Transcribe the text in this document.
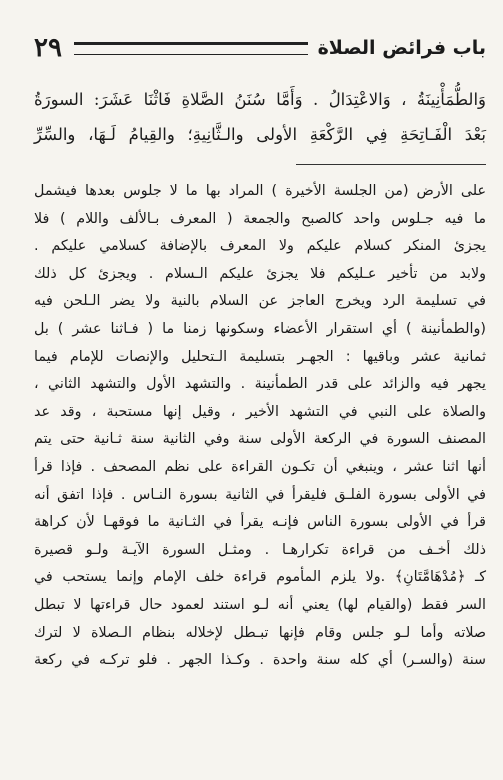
باب فرائض الصلاة
٢٩

وَالطُّمَأْنِينَةُ ، وَالاعْتِدَالُ . وَأَمَّا سُنَنُ الصَّلاةِ فَاثْنَا عَشَرَ: السورَةُ

بَعْدَ الْفَـاتِحَةِ فِي الرَّكْعَةِ الأولى والـثَّانِيةِ؛ والقِيامُ لَـهَا، والسِّرِّ

على الأرض (من الجلسة الأخيرة ) المراد بها ما لا جلوس بعدها فيشمل

ما فيه جـلوس واحد كالصبح والجمعة ( المعرف بـالألف واللام ) فلا

يجزئ المنكر كسلام عليكم ولا المعرف بالإضافة كسلامي عليكم .

ولابد من تأخير عـليكم فلا يجزئ عليكم الـسلام . ويجزئ كل ذلك

في تسليمة الرد ويخرج العاجز عن السلام بالنية ولا يضر الـلحن فيه

(والطمأنينة ) أي استقرار الأعضاء وسكونها زمنا ما ( فـاثنا عشر ) بل

ثمانية عشر وباقيها : الجهـر بتسليمة الـتحليل والإنصات للإمام فيما

يجهر فيه والزائد على قدر الطمأنينة . والتشهد الأول والتشهد الثاني ،

والصلاة على النبي في التشهد الأخير ، وقيل إنها مستحبة ، وقد عد

المصنف السورة في الركعة الأولى سنة وفي الثانية سنة ثـانية حتى يتم

أنها اثنا عشر ، وينبغي أن تكـون القراءة على نظم المصحف . فإذا قرأ

في الأولى بسورة الفلـق فليقرأ في الثانية بسورة النـاس . فإذا اتفق أنه

قرأ في الأولى بسورة الناس فإنـه يقرأ في الثـانية ما فوقهـا لأن كراهة

ذلك أخـف من قراءة تكرارهـا . ومثـل السورة الآيـة ولـو قصيرة

كـ ﴿مُدْهَامَّتَانِ﴾ .ولا يلزم المأموم قراءة خلف الإمام وإنما يستحب في

السر فقط (والقيام لها) يعني أنه لـو استند لعمود حال قراءتها لا تبطل

صلاته وأما لـو جلس وقام فإنها تبـطل لإخلاله بنظام الـصلاة لا لترك

سنة (والسـر) أي كله سنة واحدة . وكـذا الجهر . فلو تركـه في ركعة
